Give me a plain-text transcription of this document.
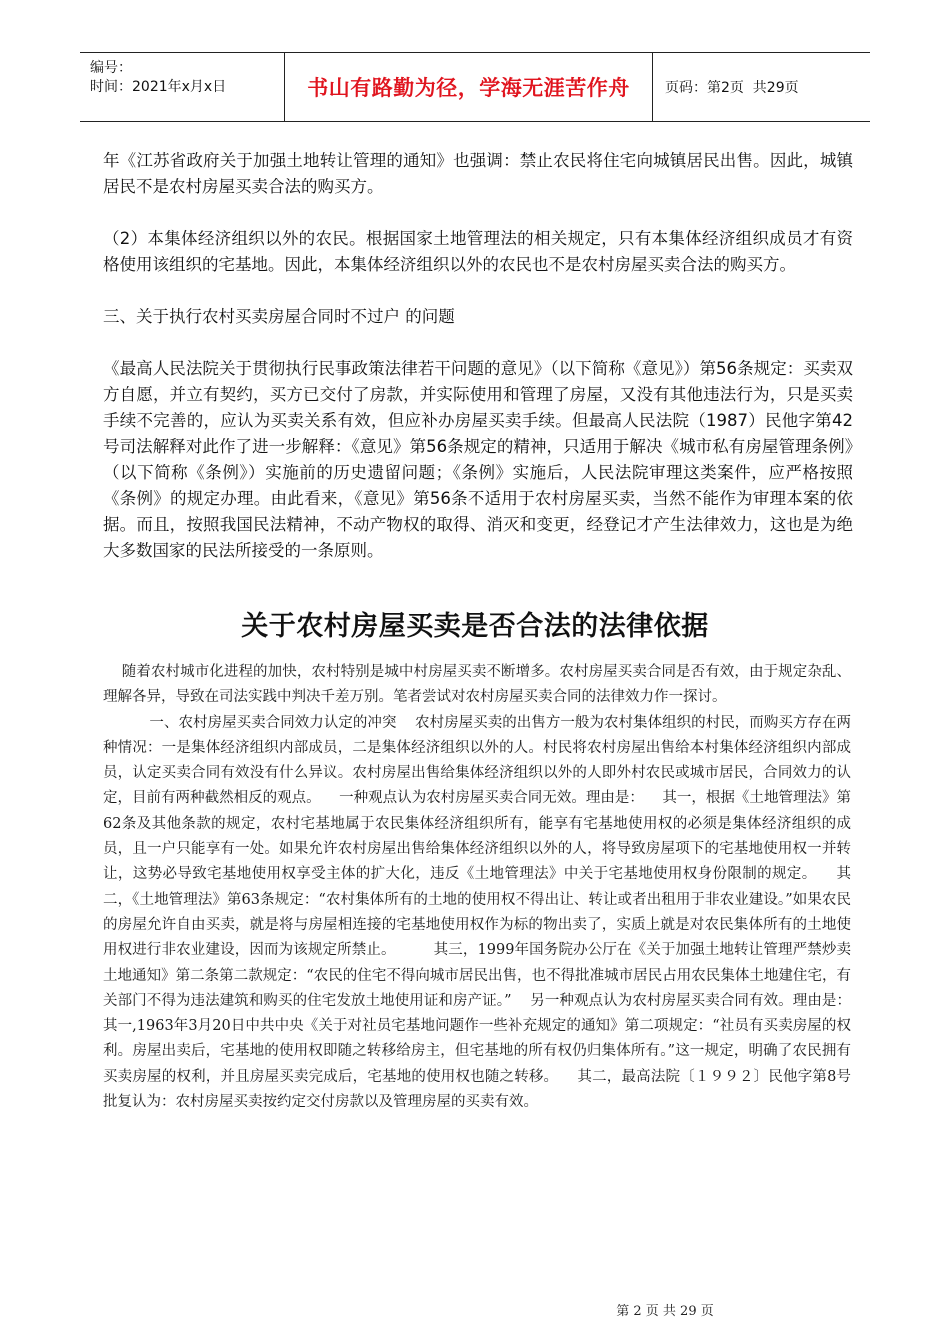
编号：
时间：2021年x月x日	书山有路勤为径，学海无涯苦作舟	页码：第2页  共29页

年《江苏省政府关于加强土地转让管理的通知》也强调：禁止农民将住宅向城镇居民出售。因此，城镇居民不是农村房屋买卖合法的购买方。

（2）本集体经济组织以外的农民。根据国家土地管理法的相关规定，只有本集体经济组织成员才有资格使用该组织的宅基地。因此，本集体经济组织以外的农民也不是农村房屋买卖合法的购买方。

三、关于执行农村买卖房屋合同时不过户 的问题

《最高人民法院关于贯彻执行民事政策法律若干问题的意见》（以下简称《意见》）第56条规定：买卖双方自愿，并立有契约，买方已交付了房款，并实际使用和管理了房屋，又没有其他违法行为，只是买卖手续不完善的，应认为买卖关系有效，但应补办房屋买卖手续。但最高人民法院（1987）民他字第42号司法解释对此作了进一步解释：《意见》第56条规定的精神，只适用于解决《城市私有房屋管理条例》（以下简称《条例》）实施前的历史遗留问题；《条例》实施后，人民法院审理这类案件，应严格按照《条例》的规定办理。由此看来，《意见》第56条不适用于农村房屋买卖，当然不能作为审理本案的依据。而且，按照我国民法精神，不动产物权的取得、消灭和变更，经登记才产生法律效力，这也是为绝大多数国家的民法所接受的一条原则。

关于农村房屋买卖是否合法的法律依据

随着农村城市化进程的加快，农村特别是城中村房屋买卖不断增多。农村房屋买卖合同是否有效，由于规定杂乱、理解各异，导致在司法实践中判决千差万别。笔者尝试对农村房屋买卖合同的法律效力作一探讨。

一、农村房屋买卖合同效力认定的冲突    农村房屋买卖的出售方一般为农村集体组织的村民，而购买方存在两种情况：一是集体经济组织内部成员，二是集体经济组织以外的人。村民将农村房屋出售给本村集体经济组织内部成员，认定买卖合同有效没有什么异议。农村房屋出售给集体经济组织以外的人即外村农民或城市居民，合同效力的认定，目前有两种截然相反的观点。    一种观点认为农村房屋买卖合同无效。理由是：    其一，根据《土地管理法》第62条及其他条款的规定，农村宅基地属于农民集体经济组织所有，能享有宅基地使用权的必须是集体经济组织的成员，且一户只能享有一处。如果允许农村房屋出售给集体经济组织以外的人，将导致房屋项下的宅基地使用权一并转让，这势必导致宅基地使用权享受主体的扩大化，违反《土地管理法》中关于宅基地使用权身份限制的规定。    其二，《土地管理法》第63条规定：“农村集体所有的土地的使用权不得出让、转让或者出租用于非农业建设。”如果农民的房屋允许自由买卖，就是将与房屋相连接的宅基地使用权作为标的物出卖了，实质上就是对农民集体所有的土地使用权进行非农业建设，因而为该规定所禁止。        其三，1999年国务院办公厅在《关于加强土地转让管理严禁炒卖土地通知》第二条第二款规定：“农民的住宅不得向城市居民出售，也不得批准城市居民占用农民集体土地建住宅，有关部门不得为违法建筑和购买的住宅发放土地使用证和房产证。”    另一种观点认为农村房屋买卖合同有效。理由是：    其一,1963年3月20日中共中央《关于对社员宅基地问题作一些补充规定的通知》第二项规定：“社员有买卖房屋的权利。房屋出卖后，宅基地的使用权即随之转移给房主，但宅基地的所有权仍归集体所有。”这一规定，明确了农民拥有买卖房屋的权利，并且房屋买卖完成后，宅基地的使用权也随之转移。    其二，最高法院〔１９９２〕民他字第8号批复认为：农村房屋买卖按约定交付房款以及管理房屋的买卖有效。

第 2 页 共 29 页
